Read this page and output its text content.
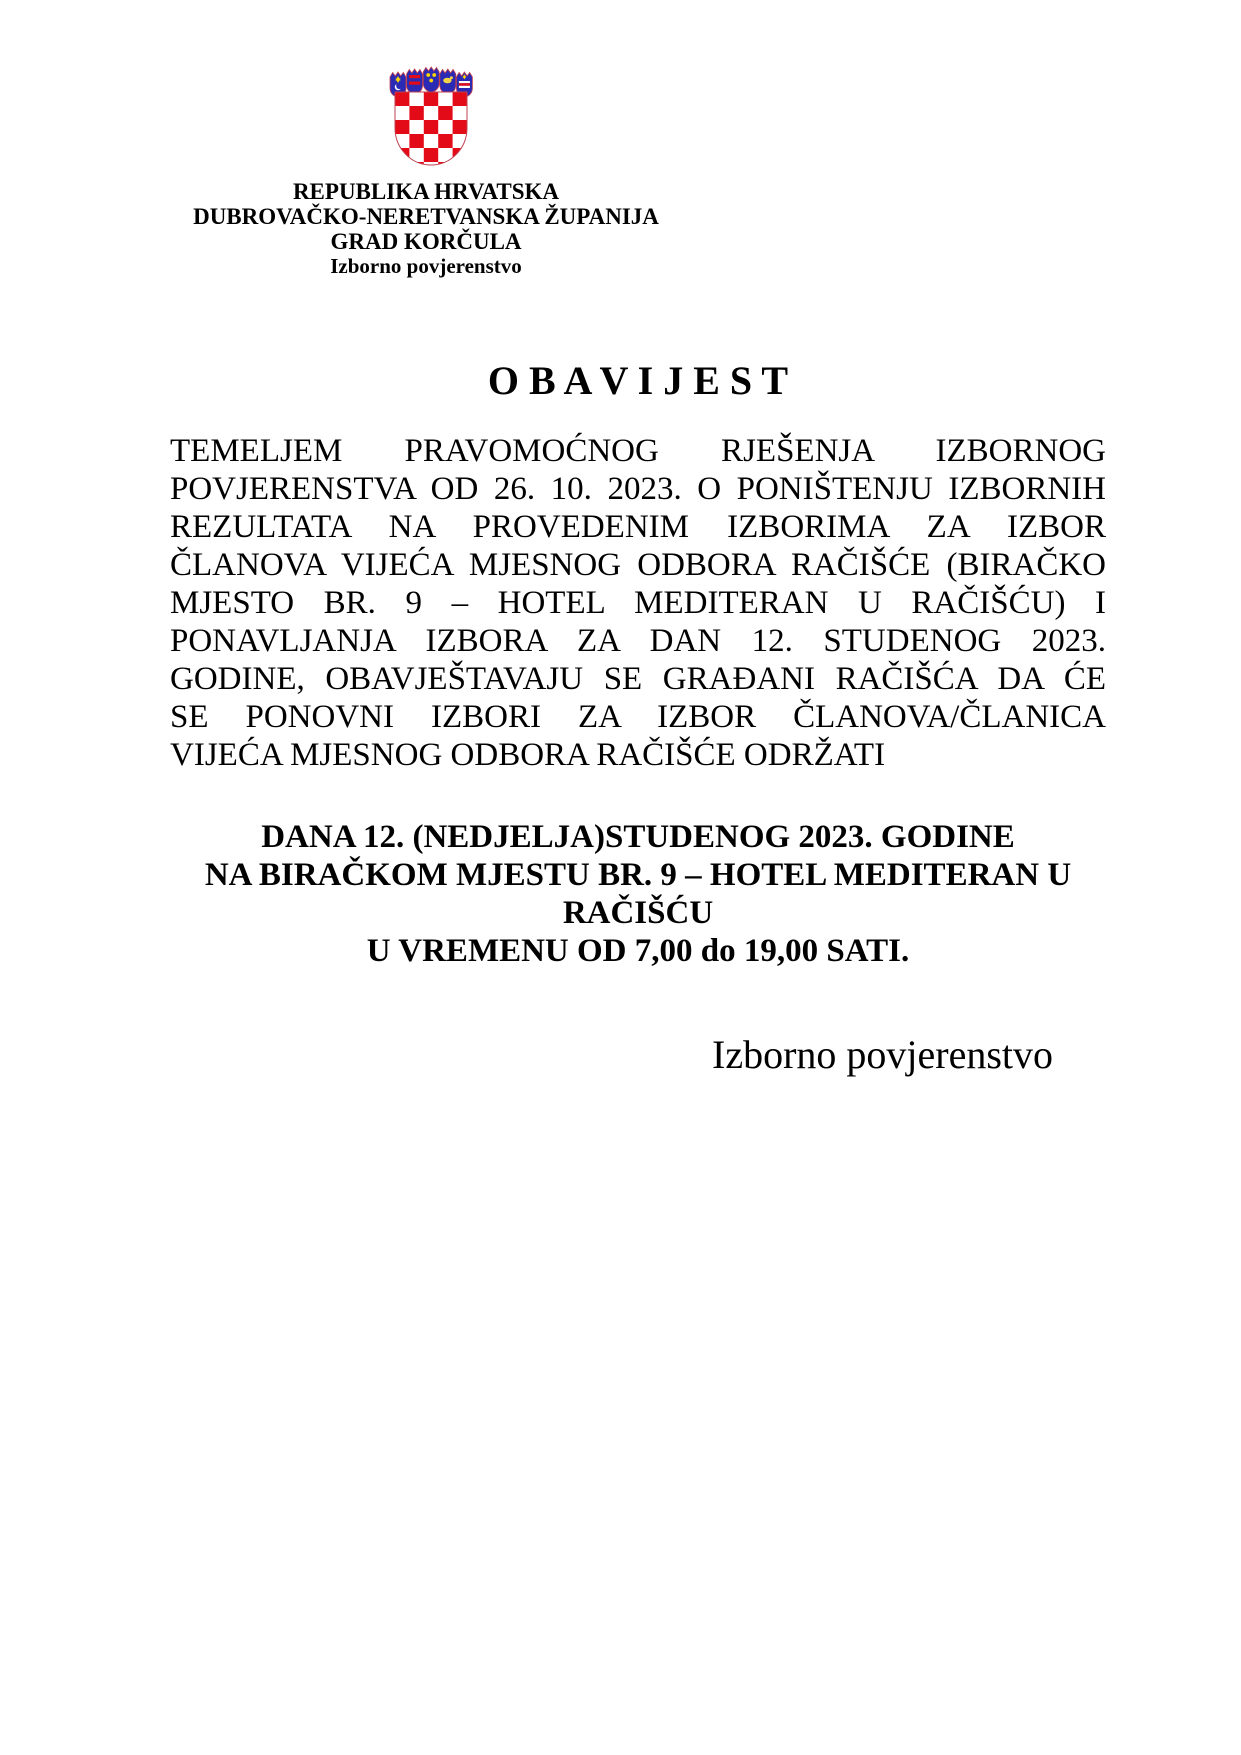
REPUBLIKA HRVATSKA
DUBROVAČKO-NERETVANSKA ŽUPANIJA
GRAD KORČULA
Izborno povjerenstvo
O B A V I J E S T
TEMELJEM PRAVOMOĆNOG RJEŠENJA IZBORNOG
POVJERENSTVA OD 26. 10. 2023. O PONIŠTENJU IZBORNIH
REZULTATA NA PROVEDENIM IZBORIMA ZA IZBOR
ČLANOVA VIJEĆA MJESNOG ODBORA RAČIŠĆE (BIRAČKO
MJESTO BR. 9 – HOTEL MEDITERAN U RAČIŠĆU) I
PONAVLJANJA IZBORA ZA DAN 12. STUDENOG 2023.
GODINE, OBAVJEŠTAVAJU SE GRAĐANI RAČIŠĆA DA ĆE
SE PONOVNI IZBORI ZA IZBOR ČLANOVA/ČLANICA
VIJEĆA MJESNOG ODBORA RAČIŠĆE ODRŽATI
DANA 12. (NEDJELJA)STUDENOG 2023. GODINE
NA BIRAČKOM MJESTU BR. 9 – HOTEL MEDITERAN U
RAČIŠĆU
U VREMENU OD 7,00 do 19,00 SATI.
Izborno povjerenstvo
